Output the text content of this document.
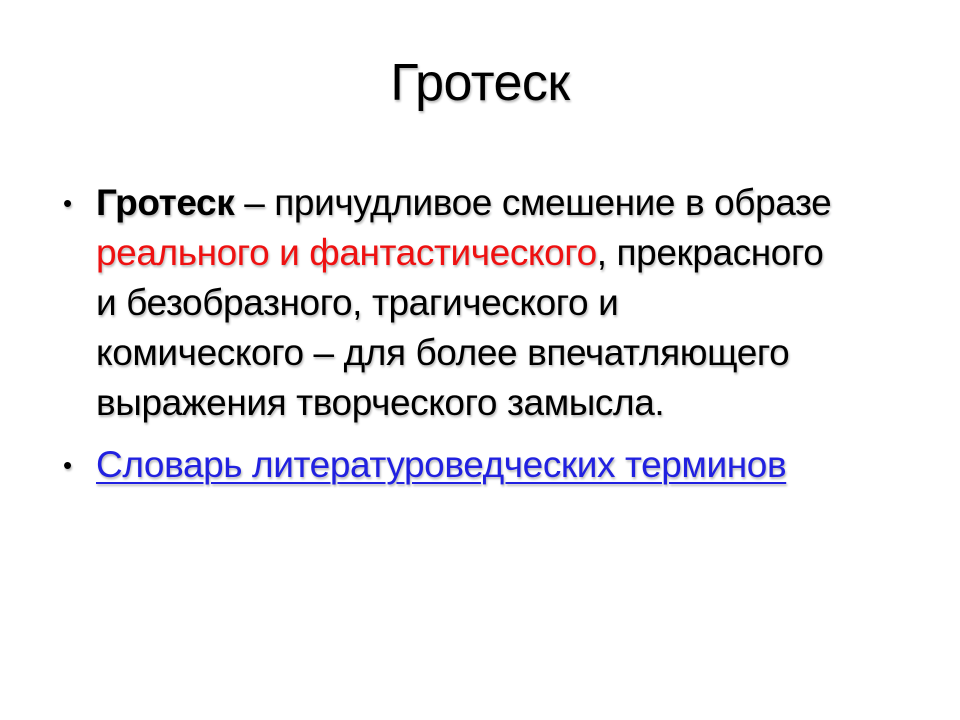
Гротеск
• Гротеск – причудливое смешение в образе
реального и фантастического, прекрасного
и безобразного, трагического и
комического – для более впечатляющего
выражения творческого замысла.
• Словарь литературоведческих терминов
